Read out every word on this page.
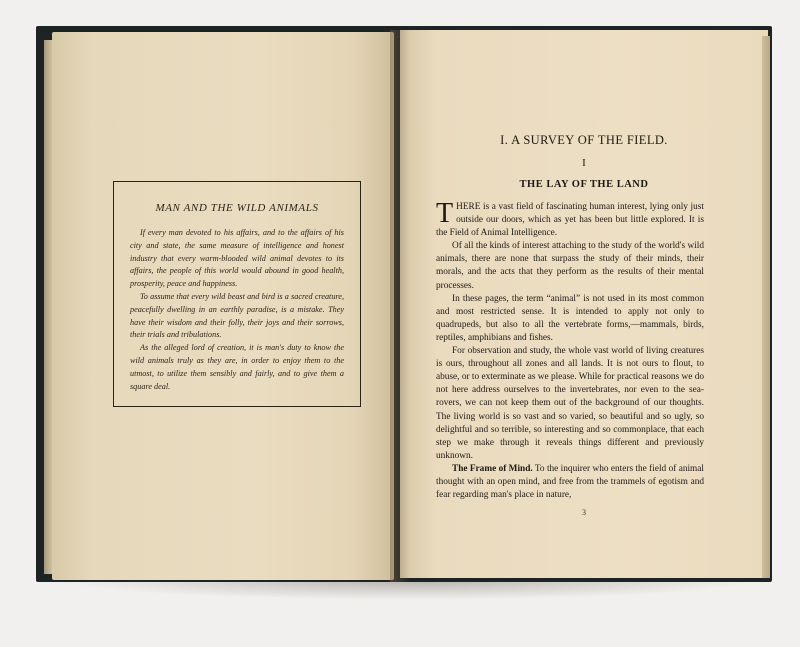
MAN AND THE WILD ANIMALS

If every man devoted to his affairs, and to the affairs of his city and state, the same measure of intelligence and honest industry that every warm-blooded wild animal devotes to its affairs, the people of this world would abound in good health, prosperity, peace and happiness.

To assume that every wild beast and bird is a sacred creature, peacefully dwelling in an earthly paradise, is a mistake. They have their wisdom and their folly, their joys and their sorrows, their trials and tribulations.

As the alleged lord of creation, it is man's duty to know the wild animals truly as they are, in order to enjoy them to the utmost, to utilize them sensibly and fairly, and to give them a square deal.

I. A SURVEY OF THE FIELD.
I
THE LAY OF THE LAND

THERE is a vast field of fascinating human interest, lying only just outside our doors, which as yet has been but little explored. It is the Field of Animal Intelligence.

Of all the kinds of interest attaching to the study of the world's wild animals, there are none that surpass the study of their minds, their morals, and the acts that they perform as the results of their mental processes.

In these pages, the term “animal” is not used in its most common and most restricted sense. It is intended to apply not only to quadrupeds, but also to all the vertebrate forms,—mammals, birds, reptiles, amphibians and fishes.

For observation and study, the whole vast world of living creatures is ours, throughout all zones and all lands. It is not ours to flout, to abuse, or to exterminate as we please. While for practical reasons we do not here address ourselves to the invertebrates, nor even to the sea-rovers, we can not keep them out of the background of our thoughts. The living world is so vast and so varied, so beautiful and so ugly, so delightful and so terrible, so interesting and so commonplace, that each step we make through it reveals things different and previously unknown.

The Frame of Mind. To the inquirer who enters the field of animal thought with an open mind, and free from the trammels of egotism and fear regarding man's place in nature,

3
